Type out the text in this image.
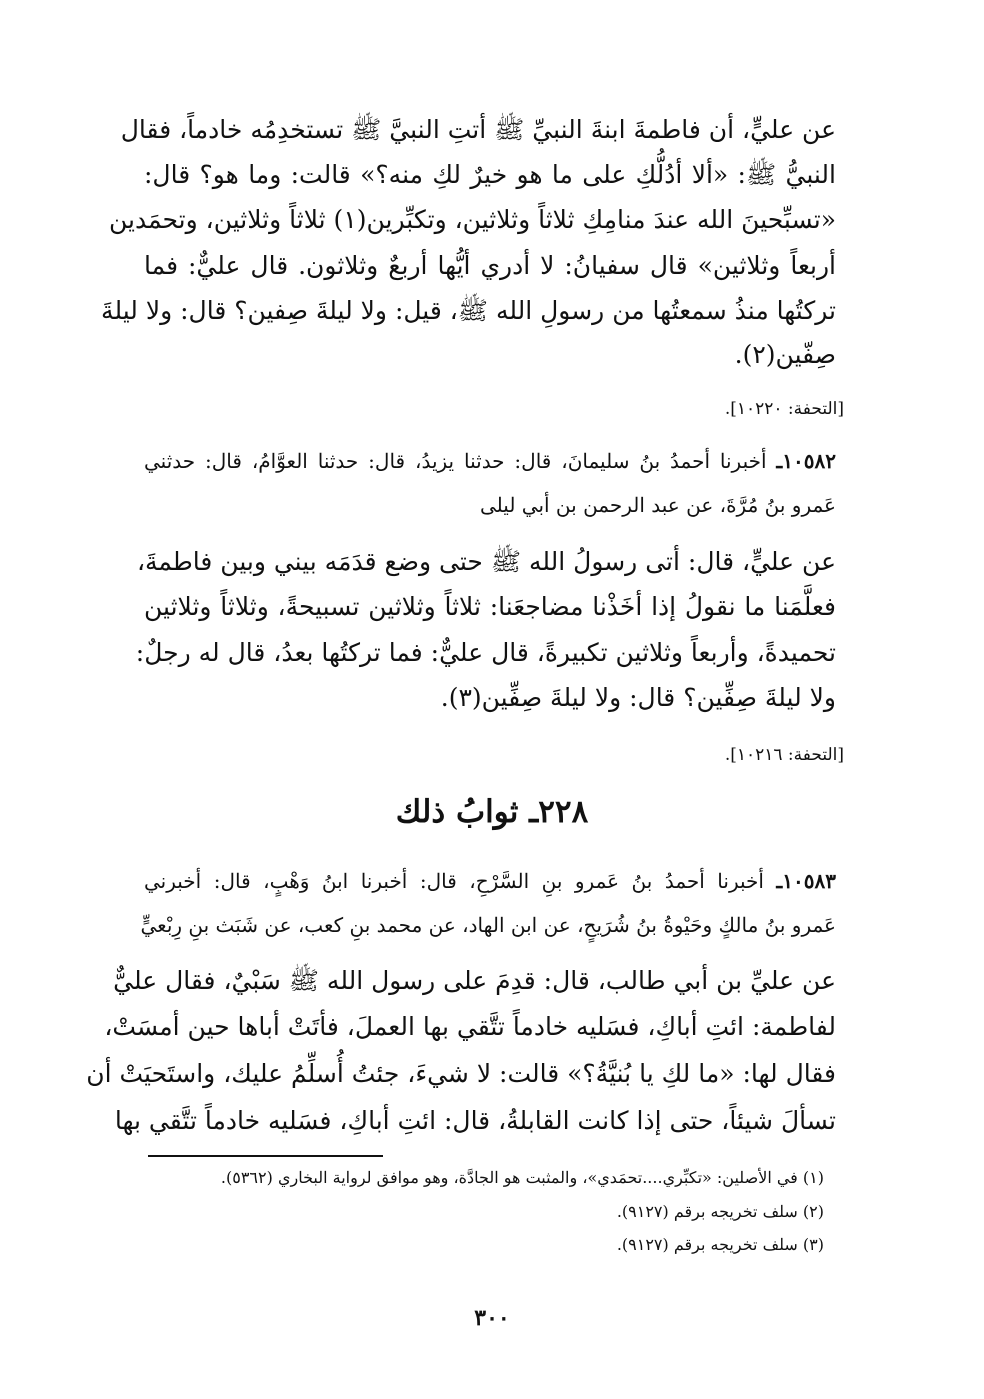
عن عليٍّ، أن فاطمةَ ابنةَ النبيِّ ﷺ أتتِ النبيَّ ﷺ تستخدِمُه خادماً، فقال
النبيُّ ﷺ: «ألا أدُلُّكِ على ما هو خيرٌ لكِ منه؟» قالت: وما هو؟ قال:
«تسبِّحينَ الله عندَ منامِكِ ثلاثاً وثلاثين، وتكبِّرين(١) ثلاثاً وثلاثين، وتحمَدين
أربعاً وثلاثين» قال سفيانُ: لا أدري أيُّها أربعٌ وثلاثون. قال عليٌّ: فما
تركتُها منذُ سمعتُها من رسولِ الله ﷺ، قيل: ولا ليلةَ صِفين؟ قال: ولا ليلةَ
صِفّين(٢).
[التحفة: ١٠٢٢٠].
١٠٥٨٢ـ أخبرنا أحمدُ بنُ سليمانَ، قال: حدثنا يزيدُ، قال: حدثنا العوَّامُ، قال: حدثني
عَمرو بنُ مُرَّةَ، عن عبد الرحمن بن أبي ليلى
عن عليٍّ، قال: أتى رسولُ الله ﷺ حتى وضع قدَمَه بيني وبين فاطمةَ،
فعلَّمَنا ما نقولُ إذا أخَذْنا مضاجعَنا: ثلاثاً وثلاثين تسبيحةً، وثلاثاً وثلاثين
تحميدةً، وأربعاً وثلاثين تكبيرةً، قال عليٌّ: فما تركتُها بعدُ، قال له رجلٌ:
ولا ليلةَ صِفِّين؟ قال: ولا ليلةَ صِفِّين(٣).
[التحفة: ١٠٢١٦].
٢٢٨ـ ثوابُ ذلك
١٠٥٨٣ـ أخبرنا أحمدُ بنُ عَمرو بنِ السَّرْحِ، قال: أخبرنا ابنُ وَهْبٍ، قال: أخبرني
عَمرو بنُ مالكٍ وحَيْوةُ بنُ شُرَيحٍ، عن ابن الهاد، عن محمد بنِ كعب، عن شَبَث بنِ رِبْعيٍّ
عن عليِّ بن أبي طالب، قال: قدِمَ على رسول الله ﷺ سَبْيٌ، فقال عليٌّ
لفاطمة: ائتِ أباكِ، فسَليه خادماً تتَّقي بها العملَ، فأتَتْ أباها حين أمسَتْ،
فقال لها: «ما لكِ يا بُنيَّةُ؟» قالت: لا شيءَ، جئتُ أُسلِّمُ عليك، واستَحيَتْ أن
تسألَ شيئاً، حتى إذا كانت القابلةُ، قال: ائتِ أباكِ، فسَليه خادماً تتَّقي بها
(١) في الأصلين: «تكبِّري....تحمَدي»، والمثبت هو الجادَّة، وهو موافق لرواية البخاري (٥٣٦٢).
(٢) سلف تخريجه برقم (٩١٢٧).
(٣) سلف تخريجه برقم (٩١٢٧).
٣٠٠
